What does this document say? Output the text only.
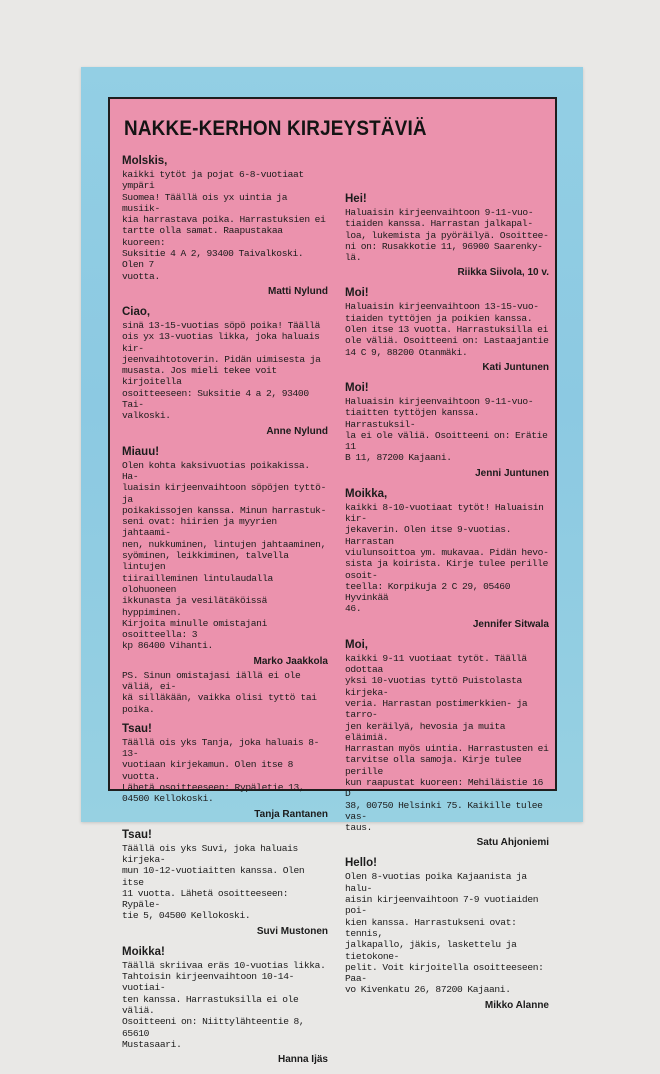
NAKKE-KERHON KIRJEYSTÄVIÄ
Molskis,
kaikki tytöt ja pojat 6-8-vuotiaat ympäri
Suomea! Täällä ois yx uintia ja musiik-
kia harrastava poika. Harrastuksien ei
tartte olla samat. Raapustakaa kuoreen:
Suksitie 4 A 2, 93400 Taivalkoski. Olen 7
vuotta.
Matti Nylund
Ciao,
sinä 13-15-vuotias söpö poika! Täällä
ois yx 13-vuotias likka, joka haluais kir-
jeenvaihtotoverin. Pidän uimisesta ja
musasta. Jos mieli tekee voit kirjoitella
osoitteeseen: Suksitie 4 a 2, 93400 Tai-
valkoski.
Anne Nylund
Miauu!
Olen kohta kaksivuotias poikakissa. Ha-
luaisin kirjeenvaihtoon söpöjen tyttö- ja
poikakissojen kanssa. Minun harrastuk-
seni ovat: hiirien ja myyrien jahtaami-
nen, nukkuminen, lintujen jahtaaminen,
syöminen, leikkiminen, talvella lintujen
tiirailleminen lintulaudalla olohuoneen
ikkunasta ja vesilätäköissä hyppiminen.
Kirjoita minulle omistajani osoitteella: 3
kp 86400 Vihanti.
Marko Jaakkola
PS. Sinun omistajasi iällä ei ole väliä, ei-
kä silläkään, vaikka olisi tyttö tai poika.
Tsau!
Täällä ois yks Tanja, joka haluais 8-13-
vuotiaan kirjekamun. Olen itse 8 vuotta.
Lähetä osoitteeseen: Rypäletie 13,
04500 Kellokoski.
Tanja Rantanen
Tsau!
Täällä ois yks Suvi, joka haluais kirjeka-
mun 10-12-vuotiaitten kanssa. Olen itse
11 vuotta. Lähetä osoitteeseen: Rypäle-
tie 5, 04500 Kellokoski.
Suvi Mustonen
Moikka!
Täällä skriivaa eräs 10-vuotias likka.
Tahtoisin kirjeenvaihtoon 10-14-vuotiai-
ten kanssa. Harrastuksilla ei ole väliä.
Osoitteeni on: Niittylähteentie 8, 65610
Mustasaari.
Hanna Ijäs
Hei!
Haluaisin kirjeenvaihtoon 9-11-vuo-
tiaiden kanssa. Harrastan jalkapal-
loa, lukemista ja pyöräilyä. Osoittee-
ni on: Rusakkotie 11, 96900 Saarenky-
lä.
Riikka Siivola, 10 v.
Moi!
Haluaisin kirjeenvaihtoon 13-15-vuo-
tiaiden tyttöjen ja poikien kanssa.
Olen itse 13 vuotta. Harrastuksilla ei
ole väliä. Osoitteeni on: Lastaajantie
14 C 9, 88200 Otanmäki.
Kati Juntunen
Moi!
Haluaisin kirjeenvaihtoon 9-11-vuo-
tiaitten tyttöjen kanssa. Harrastuksil-
la ei ole väliä. Osoitteeni on: Erätie 11
B 11, 87200 Kajaani.
Jenni Juntunen
Moikka,
kaikki 8-10-vuotiaat tytöt! Haluaisin kir-
jekaverin. Olen itse 9-vuotias. Harrastan
viulunsoittoa ym. mukavaa. Pidän hevo-
sista ja koirista. Kirje tulee perille osoit-
teella: Korpikuja 2 C 29, 05460 Hyvinkää
46.
Jennifer Sitwala
Moi,
kaikki 9-11 vuotiaat tytöt. Täällä odottaa
yksi 10-vuotias tyttö Puistolasta kirjeka-
veria. Harrastan postimerkkien- ja tarro-
jen keräilyä, hevosia ja muita eläimiä.
Harrastan myös uintia. Harrastusten ei
tarvitse olla samoja. Kirje tulee perille
kun raapustat kuoreen: Mehiläistie 16 D
38, 00750 Helsinki 75. Kaikille tulee vas-
taus.
Satu Ahjoniemi
Hello!
Olen 8-vuotias poika Kajaanista ja halu-
aisin kirjeenvaihtoon 7-9 vuotiaiden poi-
kien kanssa. Harrastukseni ovat: tennis,
jalkapallo, jäkis, laskettelu ja tietokone-
pelit. Voit kirjoitella osoitteeseen: Paa-
vo Kivenkatu 26, 87200 Kajaani.
Mikko Alanne
